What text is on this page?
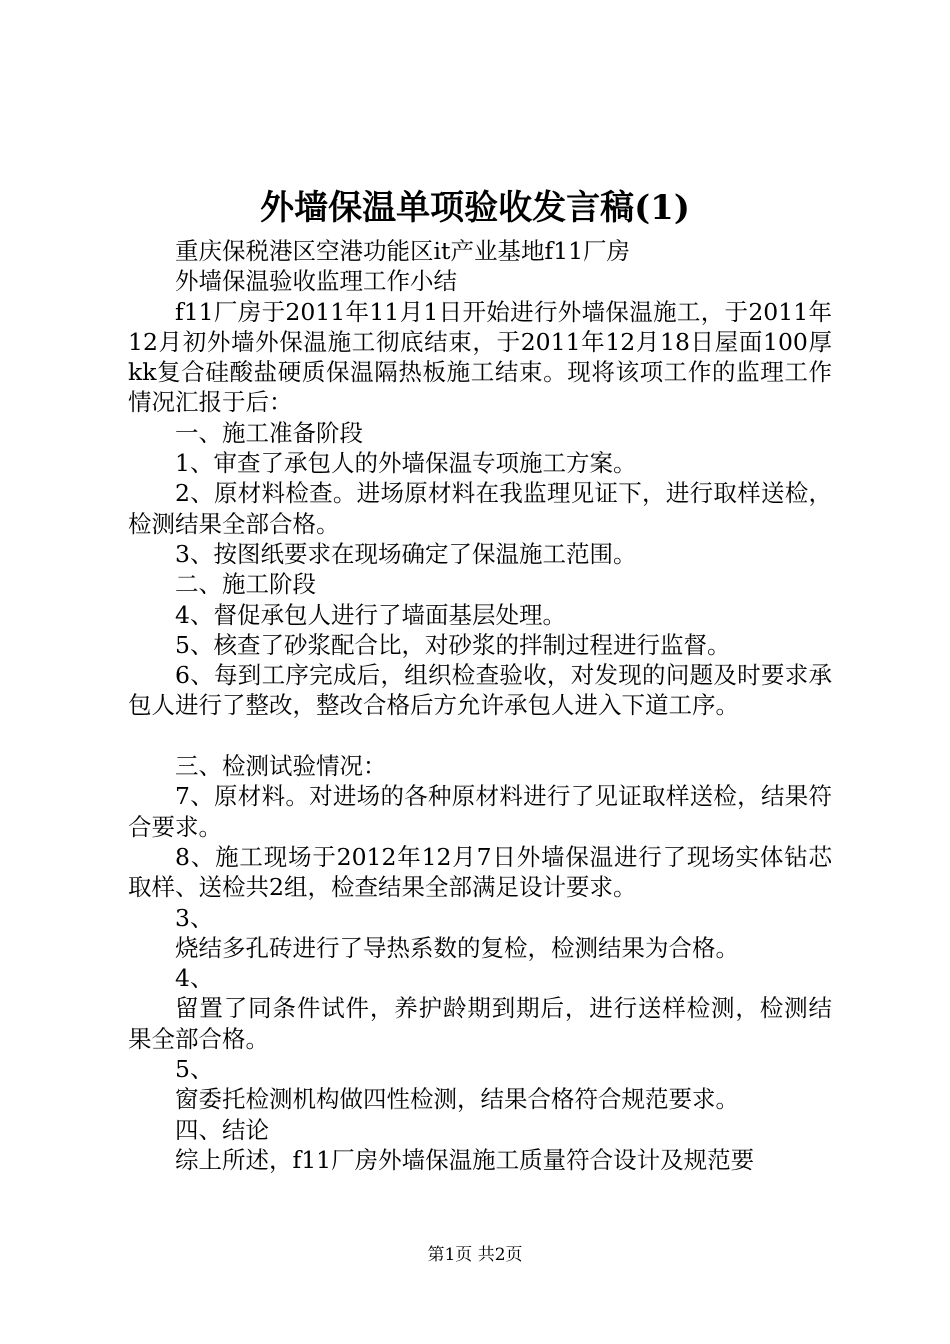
外墙保温单项验收发言稿(1)

重庆保税港区空港功能区it产业基地f11厂房

外墙保温验收监理工作小结

f11厂房于2011年11月1日开始进行外墙保温施工，于2011年12月初外墙外保温施工彻底结束，于2011年12月18日屋面100厚kk复合硅酸盐硬质保温隔热板施工结束。现将该项工作的监理工作情况汇报于后：

一、施工准备阶段

1、审查了承包人的外墙保温专项施工方案。

2、原材料检查。进场原材料在我监理见证下，进行取样送检，检测结果全部合格。

3、按图纸要求在现场确定了保温施工范围。

二、施工阶段

4、督促承包人进行了墙面基层处理。

5、核查了砂浆配合比，对砂浆的拌制过程进行监督。

6、每到工序完成后，组织检查验收，对发现的问题及时要求承包人进行了整改，整改合格后方允许承包人进入下道工序。

三、检测试验情况：

7、原材料。对进场的各种原材料进行了见证取样送检，结果符合要求。

8、施工现场于2012年12月7日外墙保温进行了现场实体钻芯取样、送检共2组，检查结果全部满足设计要求。

3、

烧结多孔砖进行了导热系数的复检，检测结果为合格。

4、

留置了同条件试件，养护龄期到期后，进行送样检测，检测结果全部合格。

5、

窗委托检测机构做四性检测，结果合格符合规范要求。

四、结论

综上所述，f11厂房外墙保温施工质量符合设计及规范要

第1页 共2页
